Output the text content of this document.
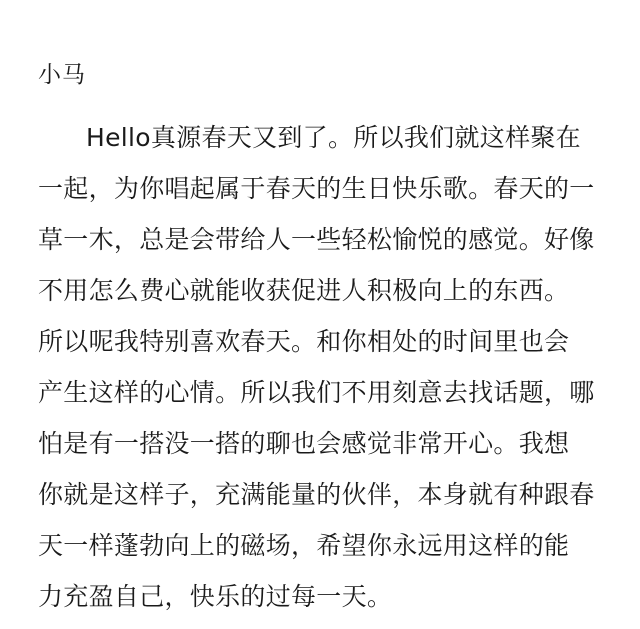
小马
Hello真源春天又到了。所以我们就这样聚在
一起，为你唱起属于春天的生日快乐歌。春天的一
草一木，总是会带给人一些轻松愉悦的感觉。好像
不用怎么费心就能收获促进人积极向上的东西。
所以呢我特别喜欢春天。和你相处的时间里也会
产生这样的心情。所以我们不用刻意去找话题，哪
怕是有一搭没一搭的聊也会感觉非常开心。我想
你就是这样子，充满能量的伙伴，本身就有种跟春
天一样蓬勃向上的磁场，希望你永远用这样的能
力充盈自己，快乐的过每一天。
